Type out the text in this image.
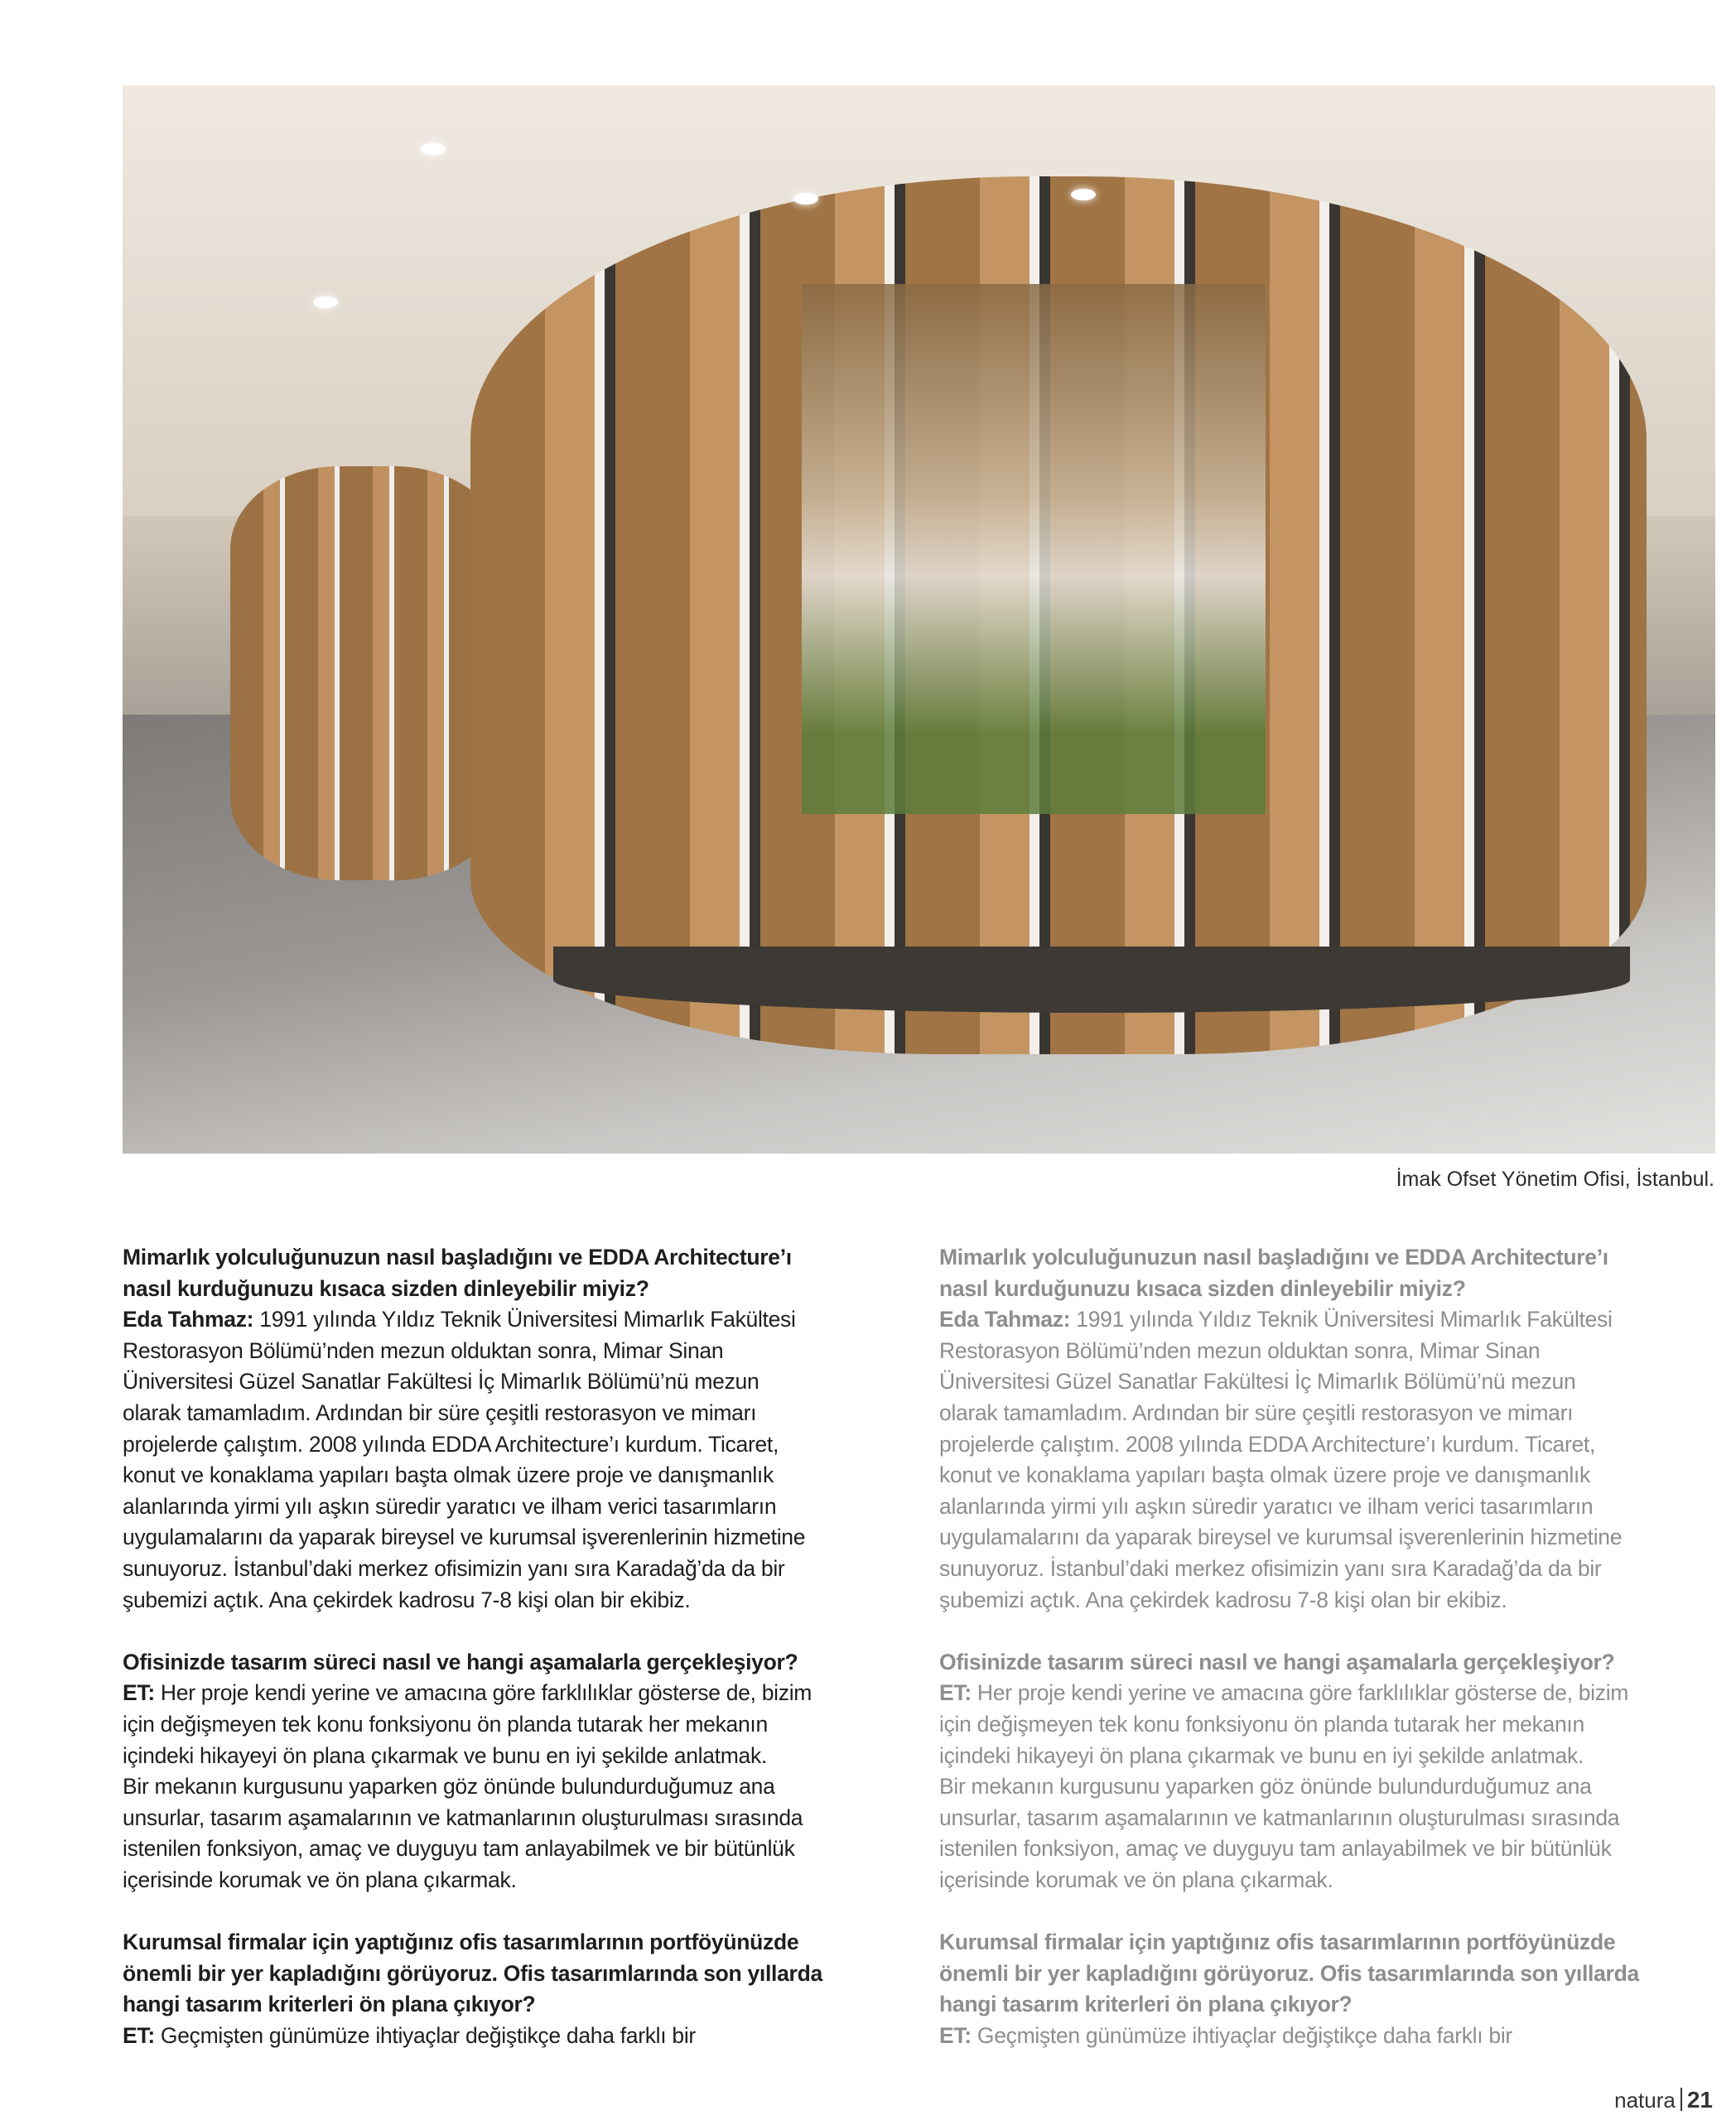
İmak Ofset Yönetim Ofisi, İstanbul.
Mimarlık yolculuğunuzun nasıl başladığını ve EDDA Architecture’ı
nasıl kurduğunuzu kısaca sizden dinleyebilir miyiz?
Eda Tahmaz: 1991 yılında Yıldız Teknik Üniversitesi Mimarlık Fakültesi
Restorasyon Bölümü’nden mezun olduktan sonra, Mimar Sinan
Üniversitesi Güzel Sanatlar Fakültesi İç Mimarlık Bölümü’nü mezun
olarak tamamladım. Ardından bir süre çeşitli restorasyon ve mimarı
projelerde çalıştım. 2008 yılında EDDA Architecture’ı kurdum. Ticaret,
konut ve konaklama yapıları başta olmak üzere proje ve danışmanlık
alanlarında yirmi yılı aşkın süredir yaratıcı ve ilham verici tasarımların
uygulamalarını da yaparak bireysel ve kurumsal işverenlerinin hizmetine
sunuyoruz. İstanbul’daki merkez ofisimizin yanı sıra Karadağ’da da bir
şubemizi açtık. Ana çekirdek kadrosu 7-8 kişi olan bir ekibiz.
Ofisinizde tasarım süreci nasıl ve hangi aşamalarla gerçekleşiyor?
ET: Her proje kendi yerine ve amacına göre farklılıklar gösterse de, bizim
için değişmeyen tek konu fonksiyonu ön planda tutarak her mekanın
içindeki hikayeyi ön plana çıkarmak ve bunu en iyi şekilde anlatmak.
Bir mekanın kurgusunu yaparken göz önünde bulundurduğumuz ana
unsurlar, tasarım aşamalarının ve katmanlarının oluşturulması sırasında
istenilen fonksiyon, amaç ve duyguyu tam anlayabilmek ve bir bütünlük
içerisinde korumak ve ön plana çıkarmak.
Kurumsal firmalar için yaptığınız ofis tasarımlarının portföyünüzde
önemli bir yer kapladığını görüyoruz. Ofis tasarımlarında son yıllarda
hangi tasarım kriterleri ön plana çıkıyor?
ET: Geçmişten günümüze ihtiyaçlar değiştikçe daha farklı bir
Mimarlık yolculuğunuzun nasıl başladığını ve EDDA Architecture’ı
nasıl kurduğunuzu kısaca sizden dinleyebilir miyiz?
Eda Tahmaz: 1991 yılında Yıldız Teknik Üniversitesi Mimarlık Fakültesi
Restorasyon Bölümü’nden mezun olduktan sonra, Mimar Sinan
Üniversitesi Güzel Sanatlar Fakültesi İç Mimarlık Bölümü’nü mezun
olarak tamamladım. Ardından bir süre çeşitli restorasyon ve mimarı
projelerde çalıştım. 2008 yılında EDDA Architecture’ı kurdum. Ticaret,
konut ve konaklama yapıları başta olmak üzere proje ve danışmanlık
alanlarında yirmi yılı aşkın süredir yaratıcı ve ilham verici tasarımların
uygulamalarını da yaparak bireysel ve kurumsal işverenlerinin hizmetine
sunuyoruz. İstanbul’daki merkez ofisimizin yanı sıra Karadağ’da da bir
şubemizi açtık. Ana çekirdek kadrosu 7-8 kişi olan bir ekibiz.
Ofisinizde tasarım süreci nasıl ve hangi aşamalarla gerçekleşiyor?
ET: Her proje kendi yerine ve amacına göre farklılıklar gösterse de, bizim
için değişmeyen tek konu fonksiyonu ön planda tutarak her mekanın
içindeki hikayeyi ön plana çıkarmak ve bunu en iyi şekilde anlatmak.
Bir mekanın kurgusunu yaparken göz önünde bulundurduğumuz ana
unsurlar, tasarım aşamalarının ve katmanlarının oluşturulması sırasında
istenilen fonksiyon, amaç ve duyguyu tam anlayabilmek ve bir bütünlük
içerisinde korumak ve ön plana çıkarmak.
Kurumsal firmalar için yaptığınız ofis tasarımlarının portföyünüzde
önemli bir yer kapladığını görüyoruz. Ofis tasarımlarında son yıllarda
hangi tasarım kriterleri ön plana çıkıyor?
ET: Geçmişten günümüze ihtiyaçlar değiştikçe daha farklı bir
natura 21
